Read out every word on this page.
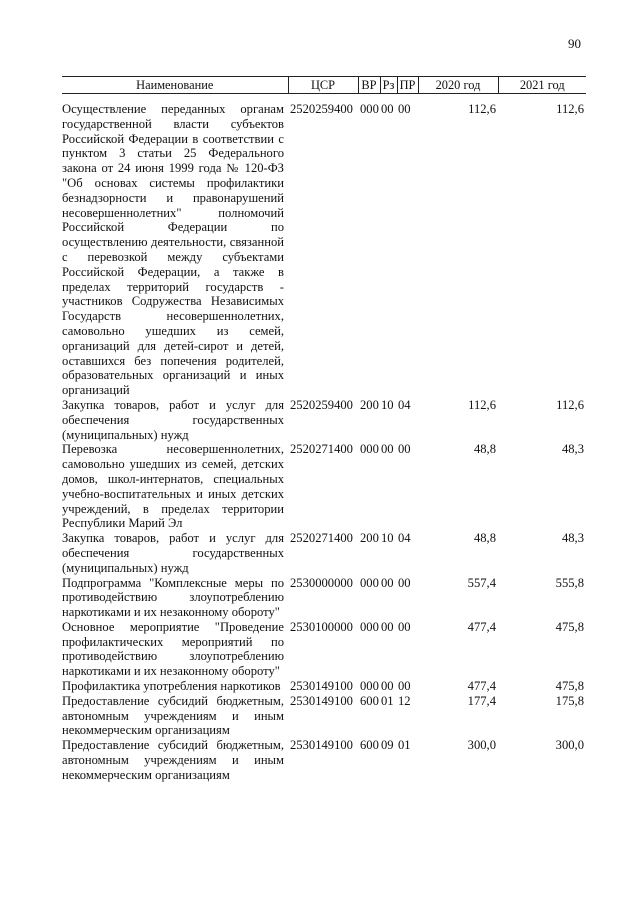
90
Наименование	ЦСР	ВР	Рз	ПР	2020 год	2021 год
Осуществление переданных органам государственной власти субъектов Российской Федерации в соответствии с пунктом 3 статьи 25 Федерального закона от 24 июня 1999 года № 120-ФЗ "Об основах системы профилактики безнадзорности и правонарушений несовершеннолетних" полномочий Российской Федерации по осуществлению деятельности, связанной с перевозкой между субъектами Российской Федерации, а также в пределах территорий государств - участников Содружества Независимых Государств несовершеннолетних, самовольно ушедших из семей, организаций для детей-сирот и детей, оставшихся без попечения родителей, образовательных организаций и иных организаций	2520259400	000	00	00	112,6	112,6
Закупка товаров, работ и услуг для обеспечения государственных (муниципальных) нужд	2520259400	200	10	04	112,6	112,6
Перевозка несовершеннолетних, самовольно ушедших из семей, детских домов, школ-интернатов, специальных учебно-воспитательных и иных детских учреждений, в пределах территории Республики Марий Эл	2520271400	000	00	00	48,8	48,3
Закупка товаров, работ и услуг для обеспечения государственных (муниципальных) нужд	2520271400	200	10	04	48,8	48,3
Подпрограмма "Комплексные меры по противодействию злоупотреблению наркотиками и их незаконному обороту"	2530000000	000	00	00	557,4	555,8
Основное мероприятие "Проведение профилактических мероприятий по противодействию злоупотреблению наркотиками и их незаконному обороту"	2530100000	000	00	00	477,4	475,8
Профилактика употребления наркотиков	2530149100	000	00	00	477,4	475,8
Предоставление субсидий бюджетным, автономным учреждениям и иным некоммерческим организациям	2530149100	600	01	12	177,4	175,8
Предоставление субсидий бюджетным, автономным учреждениям и иным некоммерческим организациям	2530149100	600	09	01	300,0	300,0
